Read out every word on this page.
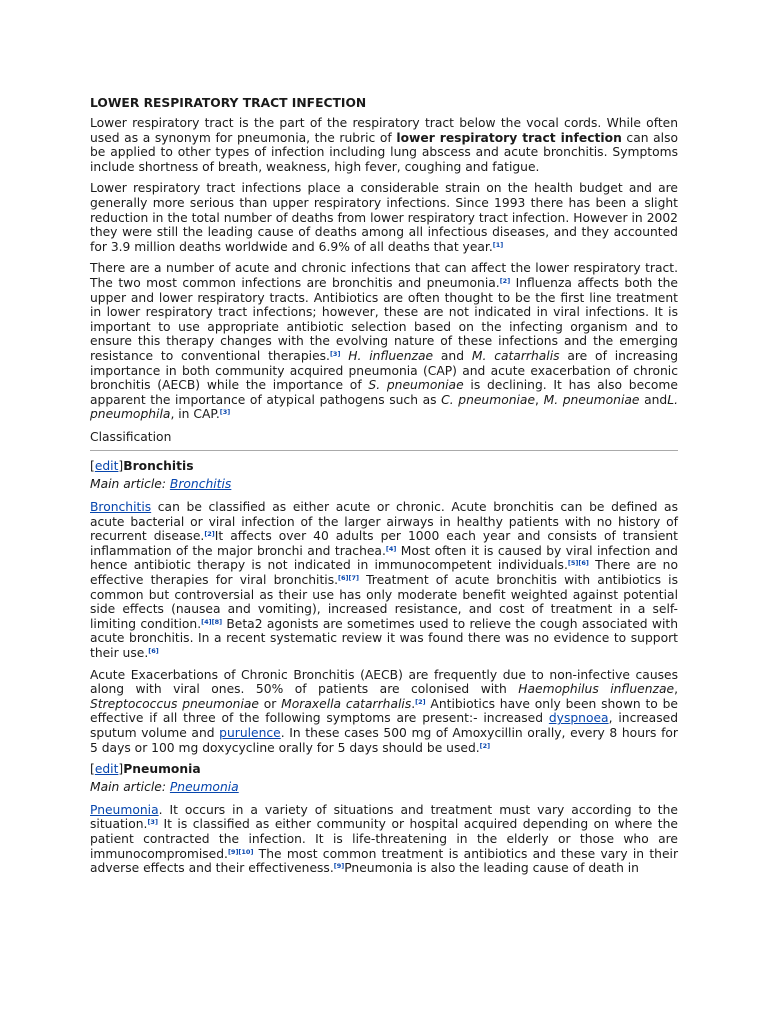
LOWER RESPIRATORY TRACT INFECTION

Lower respiratory tract is the part of the respiratory tract below the vocal cords. While often used as a synonym for pneumonia, the rubric of lower respiratory tract infection can also be applied to other types of infection including lung abscess and acute bronchitis. Symptoms include shortness of breath, weakness, high fever, coughing and fatigue.

Lower respiratory tract infections place a considerable strain on the health budget and are generally more serious than upper respiratory infections. Since 1993 there has been a slight reduction in the total number of deaths from lower respiratory tract infection. However in 2002 they were still the leading cause of deaths among all infectious diseases, and they accounted for 3.9 million deaths worldwide and 6.9% of all deaths that year.[1]

There are a number of acute and chronic infections that can affect the lower respiratory tract. The two most common infections are bronchitis and pneumonia.[2] Influenza affects both the upper and lower respiratory tracts. Antibiotics are often thought to be the first line treatment in lower respiratory tract infections; however, these are not indicated in viral infections. It is important to use appropriate antibiotic selection based on the infecting organism and to ensure this therapy changes with the evolving nature of these infections and the emerging resistance to conventional therapies.[3] H. influenzae and M. catarrhalis are of increasing importance in both community acquired pneumonia (CAP) and acute exacerbation of chronic bronchitis (AECB) while the importance of S. pneumoniae is declining. It has also become apparent the importance of atypical pathogens such as C. pneumoniae, M. pneumoniae andL. pneumophila, in CAP.[3]

Classification
[edit]Bronchitis
Main article: Bronchitis

Bronchitis can be classified as either acute or chronic. Acute bronchitis can be defined as acute bacterial or viral infection of the larger airways in healthy patients with no history of recurrent disease.[2]It affects over 40 adults per 1000 each year and consists of transient inflammation of the major bronchi and trachea.[4] Most often it is caused by viral infection and hence antibiotic therapy is not indicated in immunocompetent individuals.[5][6] There are no effective therapies for viral bronchitis.[6][7] Treatment of acute bronchitis with antibiotics is common but controversial as their use has only moderate benefit weighted against potential side effects (nausea and vomiting), increased resistance, and cost of treatment in a self-limiting condition.[4][8] Beta2 agonists are sometimes used to relieve the cough associated with acute bronchitis. In a recent systematic review it was found there was no evidence to support their use.[6]

Acute Exacerbations of Chronic Bronchitis (AECB) are frequently due to non-infective causes along with viral ones. 50% of patients are colonised with Haemophilus influenzae, Streptococcus pneumoniae or Moraxella catarrhalis.[2] Antibiotics have only been shown to be effective if all three of the following symptoms are present:- increased dyspnoea, increased sputum volume and purulence. In these cases 500 mg of Amoxycillin orally, every 8 hours for 5 days or 100 mg doxycycline orally for 5 days should be used.[2]

[edit]Pneumonia
Main article: Pneumonia

Pneumonia. It occurs in a variety of situations and treatment must vary according to the situation.[3] It is classified as either community or hospital acquired depending on where the patient contracted the infection. It is life-threatening in the elderly or those who are immunocompromised.[9][10] The most common treatment is antibiotics and these vary in their adverse effects and their effectiveness.[9]Pneumonia is also the leading cause of death in
